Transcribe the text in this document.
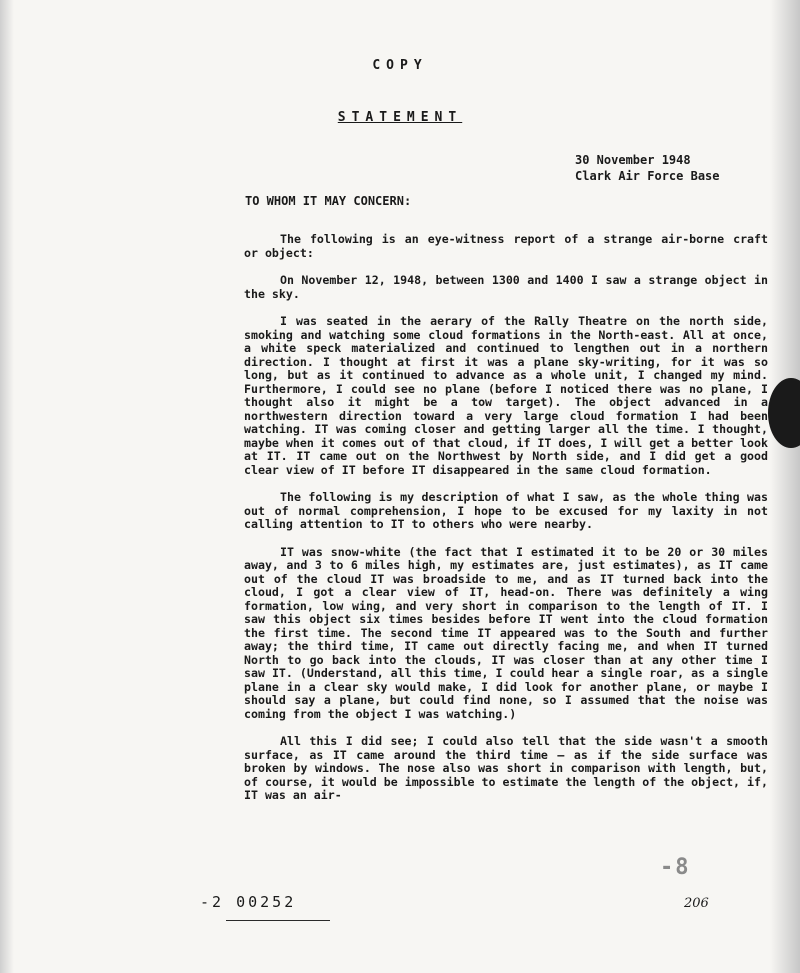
COPY
STATEMENT
30 November 1948
Clark Air Force Base
TO WHOM IT MAY CONCERN:

The following is an eye-witness report of a strange air-borne craft or object:

On November 12, 1948, between 1300 and 1400 I saw a strange object in the sky.

I was seated in the aerary of the Rally Theatre on the north side, smoking and watching some cloud formations in the North-east. All at once, a white speck materialized and continued to lengthen out in a northern direction. I thought at first it was a plane sky-writing, for it was so long, but as it continued to advance as a whole unit, I changed my mind. Furthermore, I could see no plane (before I noticed there was no plane, I thought also it might be a tow target). The object advanced in a northwestern direction toward a very large cloud formation I had been watching. IT was coming closer and getting larger all the time. I thought, maybe when it comes out of that cloud, if IT does, I will get a better look at IT. IT came out on the Northwest by North side, and I did get a good clear view of IT before IT disappeared in the same cloud formation.

The following is my description of what I saw, as the whole thing was out of normal comprehension, I hope to be excused for my laxity in not calling attention to IT to others who were nearby.

IT was snow-white (the fact that I estimated it to be 20 or 30 miles away, and 3 to 6 miles high, my estimates are, just estimates), as IT came out of the cloud IT was broadside to me, and as IT turned back into the cloud, I got a clear view of IT, head-on. There was definitely a wing formation, low wing, and very short in comparison to the length of IT. I saw this object six times besides before IT went into the cloud formation the first time. The second time IT appeared was to the South and further away; the third time, IT came out directly facing me, and when IT turned North to go back into the clouds, IT was closer than at any other time I saw IT. (Understand, all this time, I could hear a single roar, as a single plane in a clear sky would make, I did look for another plane, or maybe I should say a plane, but could find none, so I assumed that the noise was coming from the object I was watching.)

All this I did see; I could also tell that the side wasn't a smooth surface, as IT came around the third time — as if the side surface was broken by windows. The nose also was short in comparison with length, but, of course, it would be impossible to estimate the length of the object, if, IT was an air-

-8
206
-2 00252
